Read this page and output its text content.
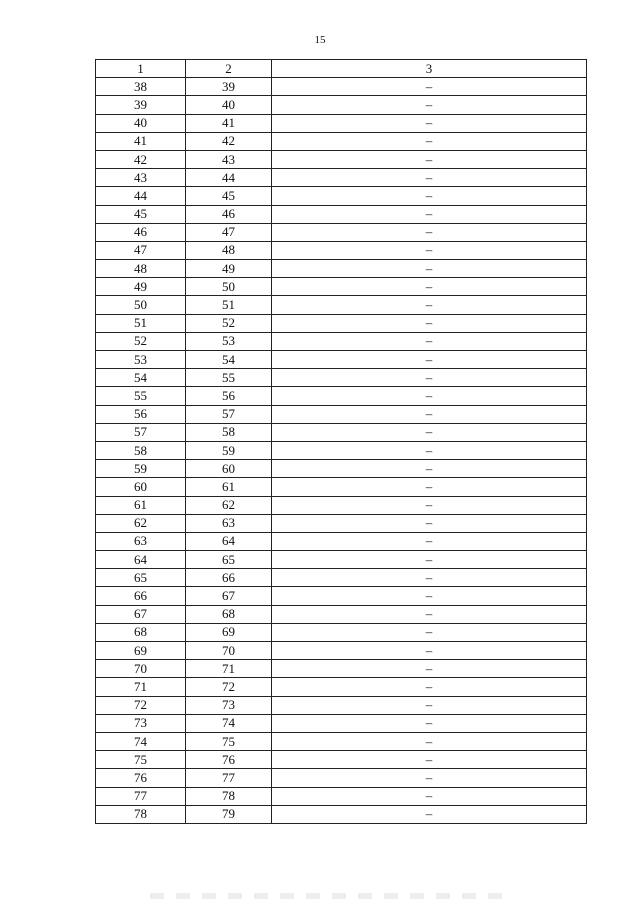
15
1	2	3
38	39	–
39	40	–
40	41	–
41	42	–
42	43	–
43	44	–
44	45	–
45	46	–
46	47	–
47	48	–
48	49	–
49	50	–
50	51	–
51	52	–
52	53	–
53	54	–
54	55	–
55	56	–
56	57	–
57	58	–
58	59	–
59	60	–
60	61	–
61	62	–
62	63	–
63	64	–
64	65	–
65	66	–
66	67	–
67	68	–
68	69	–
69	70	–
70	71	–
71	72	–
72	73	–
73	74	–
74	75	–
75	76	–
76	77	–
77	78	–
78	79	–
